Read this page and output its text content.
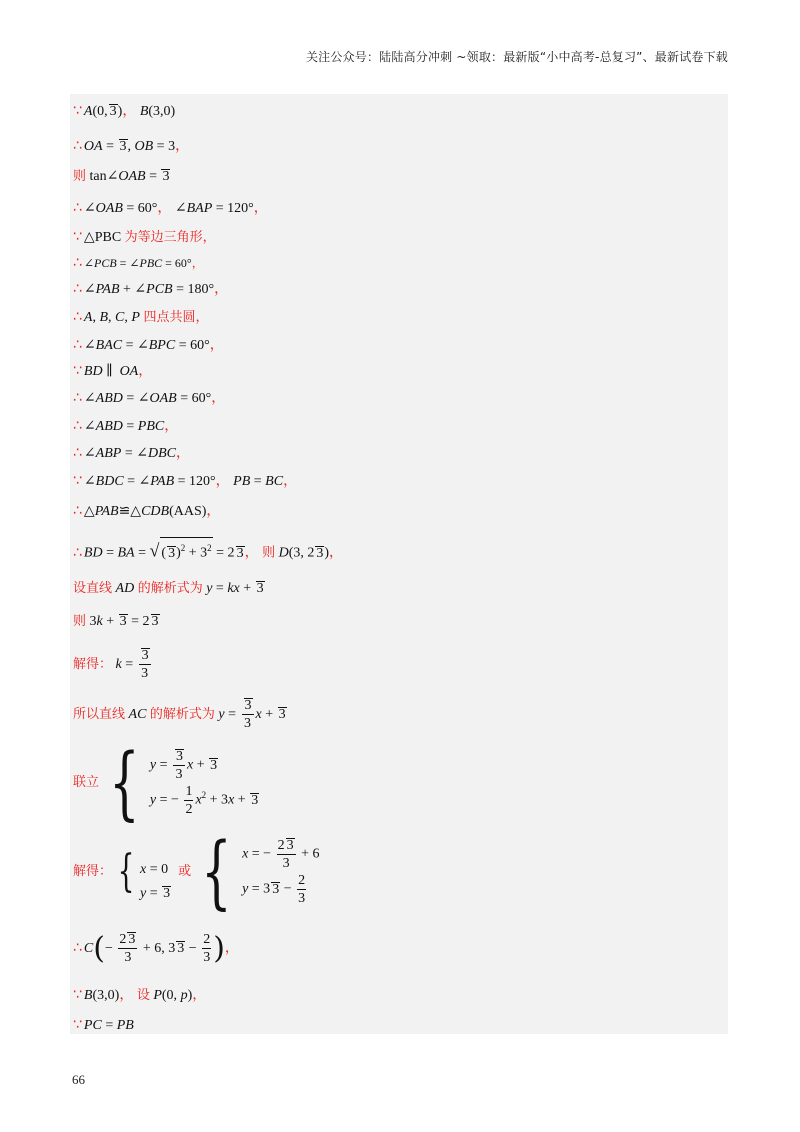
关注公众号：陆陆高分冲刺 ~领取：最新版“小中高考-总复习”、最新试卷下载
∵ A(0, 3)， B(3,0)
∴ OA = 3, OB = 3，
则 tan∠OAB = 3
∴ ∠OAB = 60°， ∠BAP = 120°，
∵ △PBC 为等边三角形，
∴ ∠PCB = ∠PBC = 60°，
∴ ∠PAB + ∠PCB = 180°，
∴ A, B, C, P 四点共圆，
∴ ∠BAC = ∠BPC = 60°，
∵ BD ∥  OA，
∴ ∠ABD = ∠OAB = 60°，
∴ ∠ABD = PBC，
∴ ∠ABP = ∠DBC，
∵ ∠BDC = ∠PAB = 120°， PB = BC，
∴ △PAB≌△CDB(AAS)，
∴ BD = BA = √ ( $3)^2 + 3^2 = 2$ 3， 则 D(3, 2 3)，
设直线 AD 的解析式为 y = kx + 3
则 3k + 3 = 2 3
解得： $k = \frac{3}{3}$
所以直线 AC 的解析式为 $y = \frac{3}{3}$ x + 3
联立 { $y = \frac{3}{3}$ x + 3
y = − $\frac{1}{2} x^2 + 3x + 3$
解得： { x = 0
y = 3
或 { x = − $\frac{2 3}{3} + 6$
y = 3 $3 - \frac{2}{3}$
∴ $C(- \frac{2 3}{3} + 6$, 3 $3 - \frac{2}{3}$ )，
∵ B(3,0)， 设 P(0, p)，
∵ PC = PB
66
